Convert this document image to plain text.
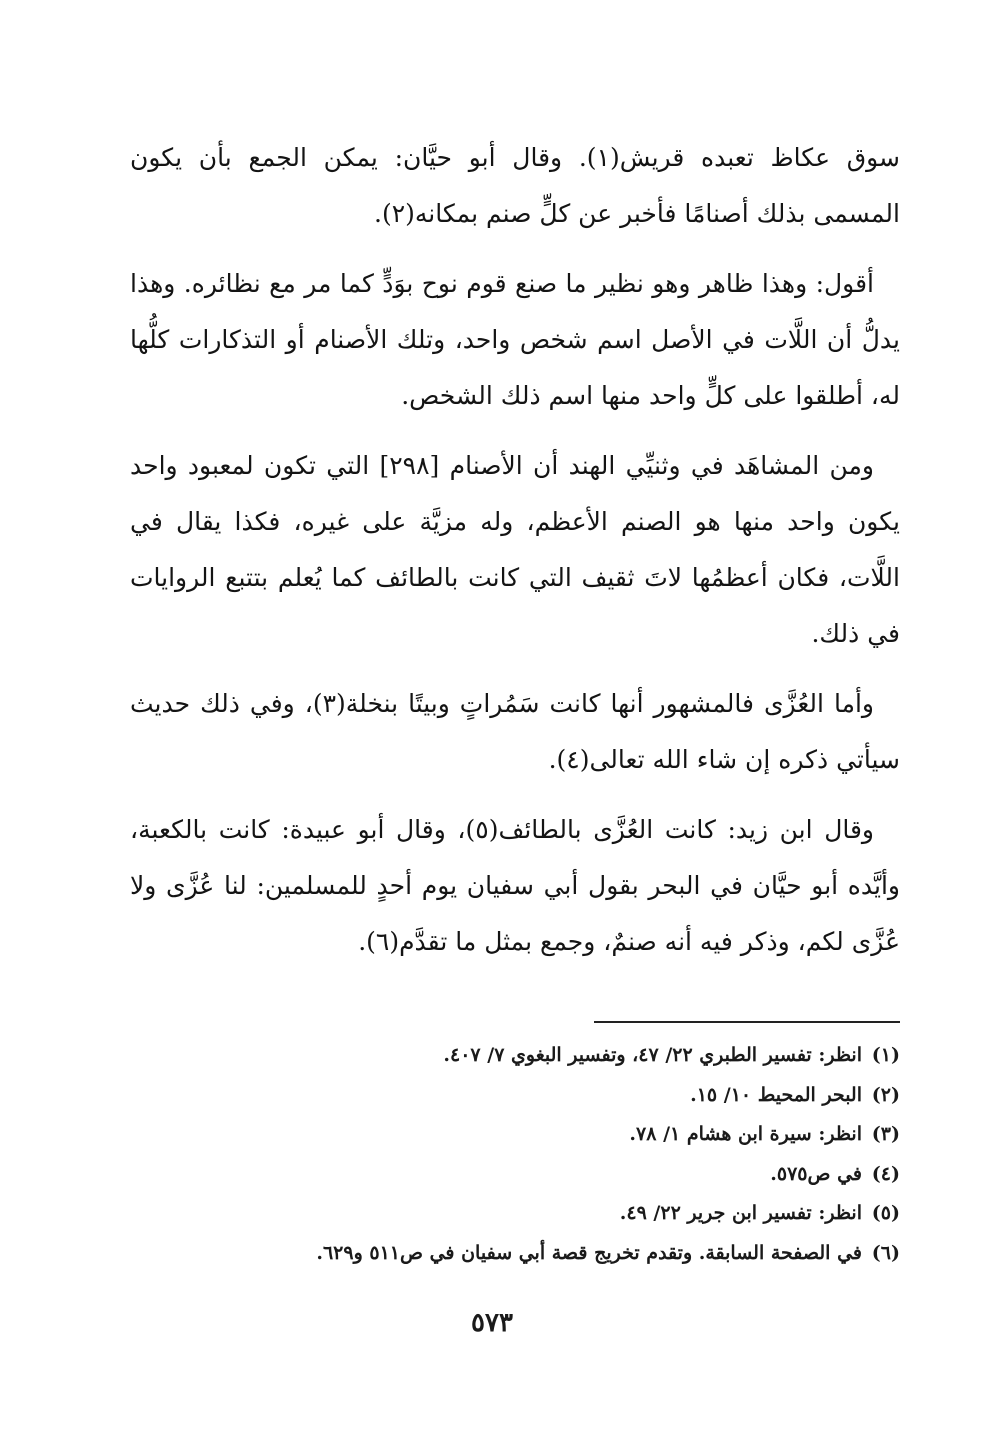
سوق عكاظ تعبده قريش(١). وقال أبو حيَّان: يمكن الجمع بأن يكون المسمى بذلك أصنامًا فأخبر عن كلٍّ صنم بمكانه(٢).

أقول: وهذا ظاهر وهو نظير ما صنع قوم نوح بوَدٍّ كما مر مع نظائره. وهذا يدلُّ أن اللَّات في الأصل اسم شخص واحد، وتلك الأصنام أو التذكارات كلُّها له، أطلقوا على كلٍّ واحد منها اسم ذلك الشخص.

ومن المشاهَد في وثنيِّي الهند أن الأصنام [٢٩٨] التي تكون لمعبود واحد يكون واحد منها هو الصنم الأعظم، وله مزيَّة على غيره، فكذا يقال في اللَّات، فكان أعظمُها لاتَ ثقيف التي كانت بالطائف كما يُعلم بتتبع الروايات في ذلك.

وأما العُزَّى فالمشهور أنها كانت سَمُراتٍ وبيتًا بنخلة(٣)، وفي ذلك حديث سيأتي ذكره إن شاء الله تعالى(٤).

وقال ابن زيد: كانت العُزَّى بالطائف(٥)، وقال أبو عبيدة: كانت بالكعبة، وأيَّده أبو حيَّان في البحر بقول أبي سفيان يوم أحدٍ للمسلمين: لنا عُزَّى ولا عُزَّى لكم، وذكر فيه أنه صنمٌ، وجمع بمثل ما تقدَّم(٦).

(١)
انظر: تفسير الطبري ٢٢/ ٤٧، وتفسير البغوي ٧/ ٤٠٧.
(٢)
البحر المحيط ١٠/ ١٥.
(٣)
انظر: سيرة ابن هشام ١/ ٧٨.
(٤)
في ص٥٧٥.
(٥)
انظر: تفسير ابن جرير ٢٢/ ٤٩.
(٦)
في الصفحة السابقة. وتقدم تخريج قصة أبي سفيان في ص٥١١ و٦٢٩.
٥٧٣
